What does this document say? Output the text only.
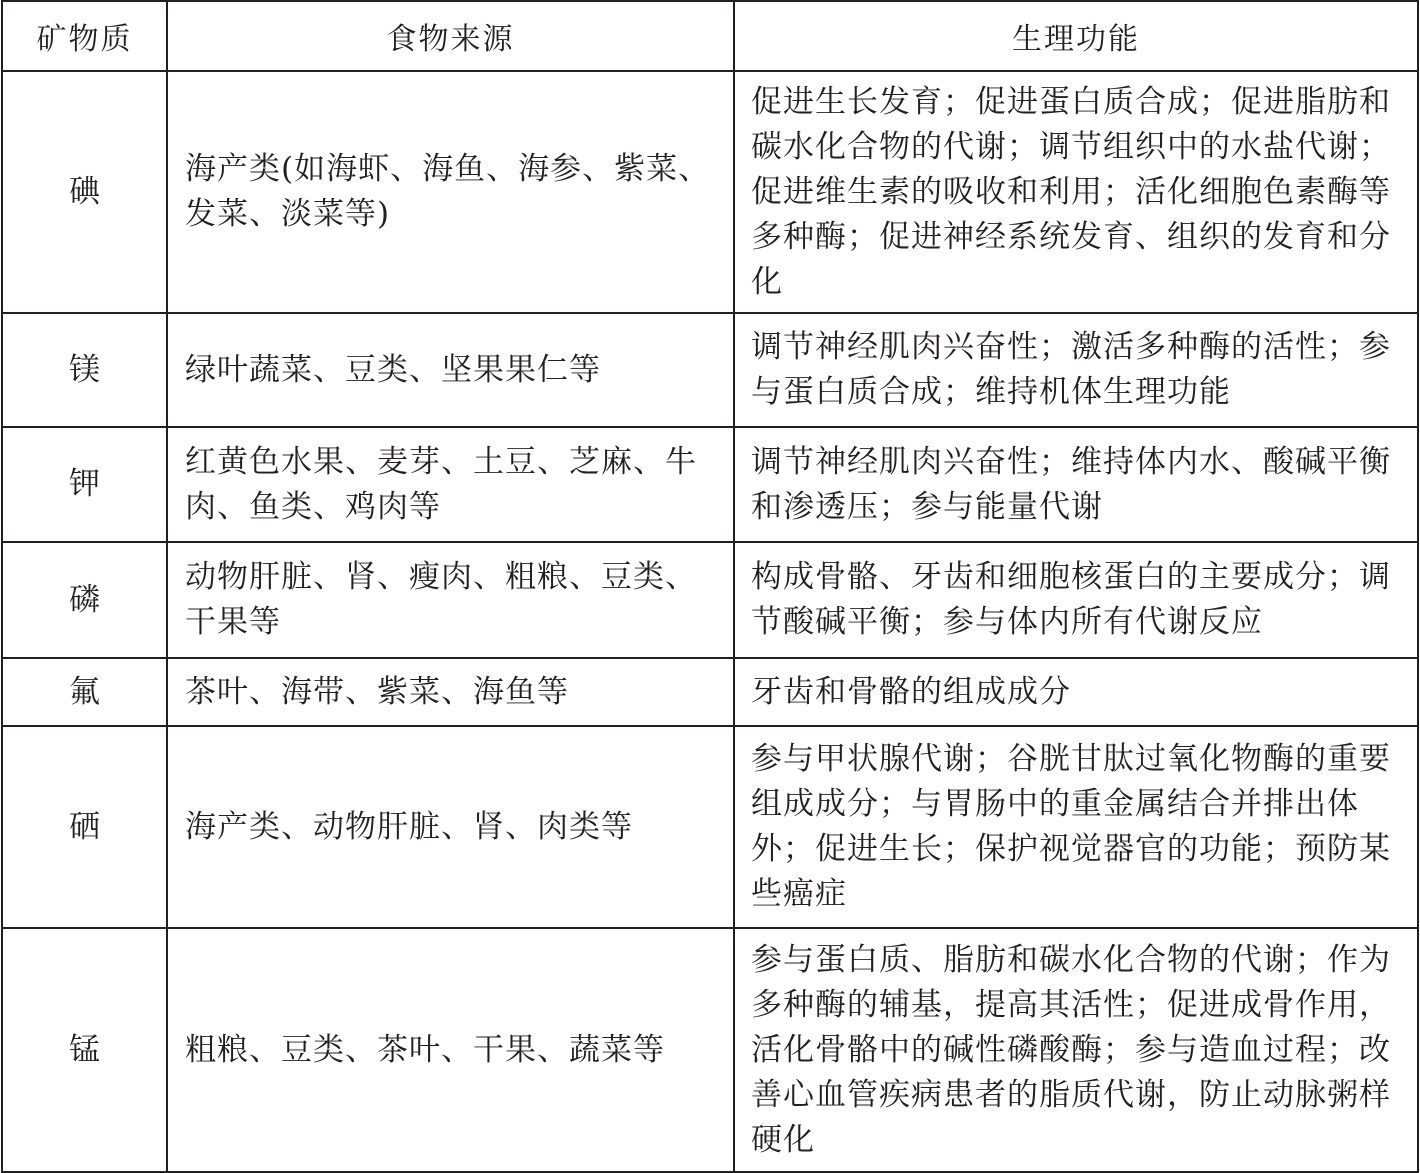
矿物质	食物来源	生理功能
碘	海产类(如海虾、海鱼、海参、紫菜、发菜、淡菜等)	促进生长发育；促进蛋白质合成；促进脂肪和碳水化合物的代谢；调节组织中的水盐代谢；促进维生素的吸收和利用；活化细胞色素酶等多种酶；促进神经系统发育、组织的发育和分化
镁	绿叶蔬菜、豆类、坚果果仁等	调节神经肌肉兴奋性；激活多种酶的活性；参与蛋白质合成；维持机体生理功能
钾	红黄色水果、麦芽、土豆、芝麻、牛肉、鱼类、鸡肉等	调节神经肌肉兴奋性；维持体内水、酸碱平衡和渗透压；参与能量代谢
磷	动物肝脏、肾、瘦肉、粗粮、豆类、干果等	构成骨骼、牙齿和细胞核蛋白的主要成分；调节酸碱平衡；参与体内所有代谢反应
氟	茶叶、海带、紫菜、海鱼等	牙齿和骨骼的组成成分
硒	海产类、动物肝脏、肾、肉类等	参与甲状腺代谢；谷胱甘肽过氧化物酶的重要组成成分；与胃肠中的重金属结合并排出体外；促进生长；保护视觉器官的功能；预防某些癌症
锰	粗粮、豆类、茶叶、干果、蔬菜等	参与蛋白质、脂肪和碳水化合物的代谢；作为多种酶的辅基，提高其活性；促进成骨作用，活化骨骼中的碱性磷酸酶；参与造血过程；改善心血管疾病患者的脂质代谢，防止动脉粥样硬化
